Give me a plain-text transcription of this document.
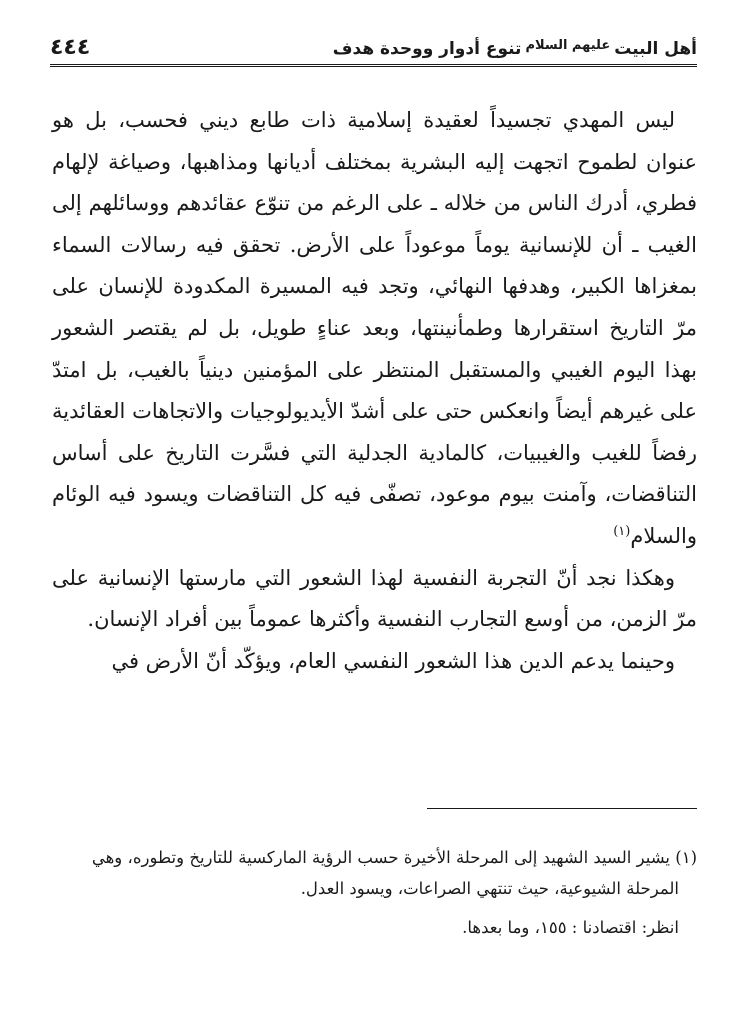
أهل البيت
عليهم السلام
تنوع أدوار ووحدة هدف
٤٤٤

ليس المهدي تجسيداً لعقيدة إسلامية ذات طابع ديني فحسب، بل هو عنوان لطموح اتجهت إليه البشرية بمختلف أديانها ومذاهبها، وصياغة لإلهام فطري، أدرك الناس من خلاله ـ على الرغم من تنوّع عقائدهم ووسائلهم إلى الغيب ـ أن للإنسانية يوماً موعوداً على الأرض. تحقق فيه رسالات السماء بمغزاها الكبير، وهدفها النهائي، وتجد فيه المسيرة المكدودة للإنسان على مرّ التاريخ استقرارها وطمأنينتها، وبعد عناءٍ طويل، بل لم يقتصر الشعور بهذا اليوم الغيبي والمستقبل المنتظر على المؤمنين دينياً بالغيب، بل امتدّ على غيرهم أيضاً وانعكس حتى على أشدّ الأيديولوجيات والاتجاهات العقائدية رفضاً للغيب والغيبيات، كالمادية الجدلية التي فسَّرت التاريخ على أساس التناقضات، وآمنت بيوم موعود، تصفّى فيه كل التناقضات ويسود فيه الوئام والسلام$^{(١)}$

وهكذا نجد أنّ التجربة النفسية لهذا الشعور التي مارستها الإنسانية على مرّ الزمن، من أوسع التجارب النفسية وأكثرها عموماً بين أفراد الإنسان.

وحينما يدعم الدين هذا الشعور النفسي العام، ويؤكّد أنّ الأرض في

(١) يشير السيد الشهيد إلى المرحلة الأخيرة حسب الرؤية الماركسية للتاريخ وتطوره، وهي

المرحلة الشيوعية، حيث تنتهي الصراعات، ويسود العدل.

انظر: اقتصادنا : ١٥٥، وما بعدها.
